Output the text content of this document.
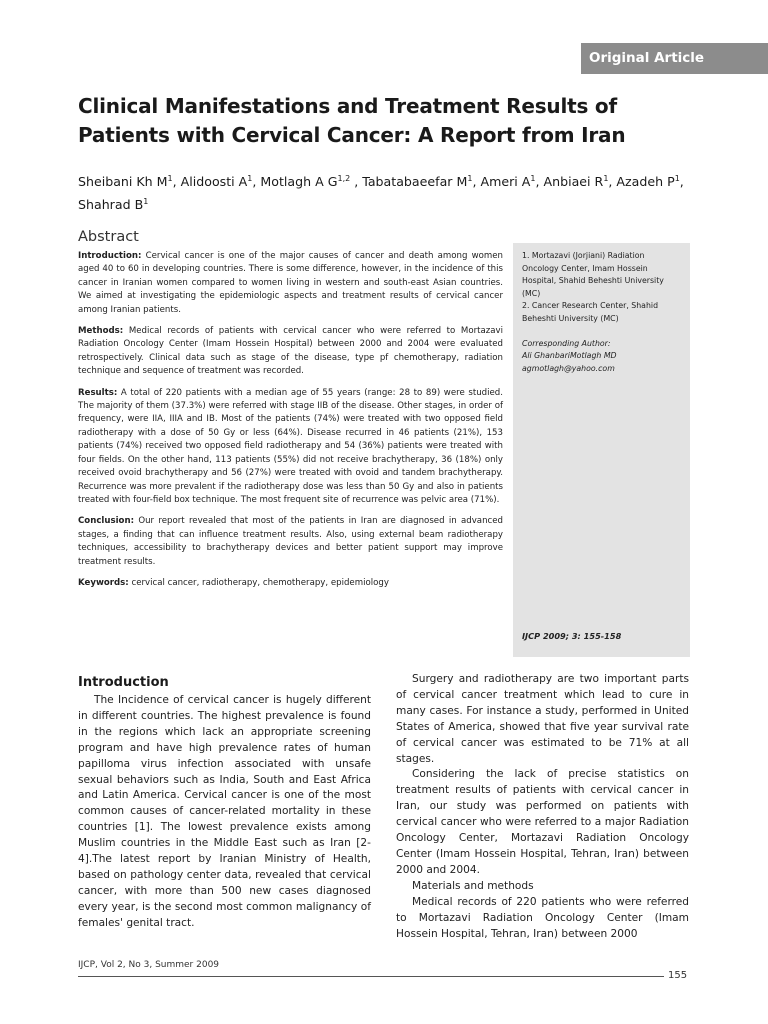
Original Article
Clinical Manifestations and Treatment Results of
Patients with Cervical Cancer: A Report from Iran
Sheibani Kh $M^1$, Alidoosti $A^1$, Motlagh A G$^{1,2}$ , Tabatabaeefar $M^1$, Ameri $A^1$, Anbiaei $R^1$, Azadeh $P^1$, Shahrad $B^1$
Abstract

Introduction: Cervical cancer is one of the major causes of cancer and death among women aged 40 to 60 in developing countries. There is some difference, however, in the incidence of this cancer in Iranian women compared to women living in western and south-east Asian countries. We aimed at investigating the epidemiologic aspects and treatment results of cervical cancer among Iranian patients.

Methods: Medical records of patients with cervical cancer who were referred to Mortazavi Radiation Oncology Center (Imam Hossein Hospital) between 2000 and 2004 were evaluated retrospectively. Clinical data such as stage of the disease, type pf chemotherapy, radiation technique and sequence of treatment was recorded.

Results: A total of 220 patients with a median age of 55 years (range: 28 to 89) were studied. The majority of them (37.3%) were referred with stage IIB of the disease. Other stages, in order of frequency, were IIA, IIIA and IB. Most of the patients (74%) were treated with two opposed field radiotherapy with a dose of 50 Gy or less (64%). Disease recurred in 46 patients (21%), 153 patients (74%) received two opposed field radiotherapy and 54 (36%) patients were treated with four fields. On the other hand, 113 patients (55%) did not receive brachytherapy, 36 (18%) only received ovoid brachytherapy and 56 (27%) were treated with ovoid and tandem brachytherapy. Recurrence was more prevalent if the radiotherapy dose was less than 50 Gy and also in patients treated with four-field box technique. The most frequent site of recurrence was pelvic area (71%).

Conclusion: Our report revealed that most of the patients in Iran are diagnosed in advanced stages, a finding that can influence treatment results. Also, using external beam radiotherapy techniques, accessibility to brachytherapy devices and better patient support may improve treatment results.

Keywords: cervical cancer, radiotherapy, chemotherapy, epidemiology

1. Mortazavi (Jorjiani) Radiation Oncology Center, Imam Hossein Hospital, Shahid Beheshti University (MC)

2. Cancer Research Center, Shahid Beheshti University (MC)

Corresponding Author:

Ali GhanbariMotlagh MD

agmotlagh@yahoo.com

IJCP 2009; 3: 155-158
Introduction

The Incidence of cervical cancer is hugely different in different countries. The highest prevalence is found in the regions which lack an appropriate screening program and have high prevalence rates of human papilloma virus infection associated with unsafe sexual behaviors such as India, South and East Africa and Latin America. Cervical cancer is one of the most common causes of cancer-related mortality in these countries [1]. The lowest prevalence exists among Muslim countries in the Middle East such as Iran [2-4].The latest report by Iranian Ministry of Health, based on pathology center data, revealed that cervical cancer, with more than 500 new cases diagnosed every year, is the second most common malignancy of females' genital tract.

Surgery and radiotherapy are two important parts of cervical cancer treatment which lead to cure in many cases. For instance a study, performed in United States of America, showed that five year survival rate of cervical cancer was estimated to be 71% at all stages.

Considering the lack of precise statistics on treatment results of patients with cervical cancer in Iran, our study was performed on patients with cervical cancer who were referred to a major Radiation Oncology Center, Mortazavi Radiation Oncology Center (Imam Hossein Hospital, Tehran, Iran) between 2000 and 2004.

Materials and methods

Medical records of 220 patients who were referred to Mortazavi Radiation Oncology Center (Imam Hossein Hospital, Tehran, Iran) between 2000

IJCP, Vol 2, No 3, Summer 2009
155
